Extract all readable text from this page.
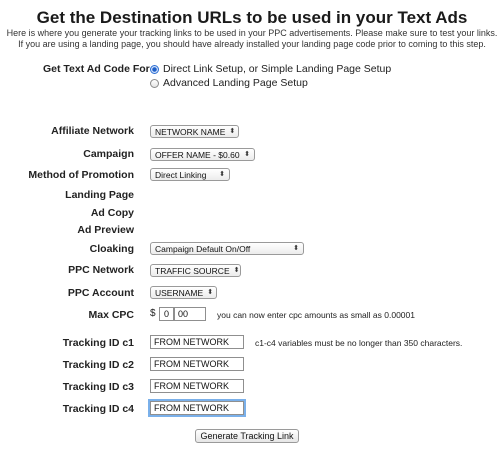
Get the Destination URLs to be used in your Text Ads
Here is where you generate your tracking links to be used in your PPC advertisements. Please make sure to test your links.
If you are using a landing page, you should have already installed your landing page code prior to coming to this step.
Get Text Ad Code For Direct Link Setup, or Simple Landing Page Setup
Advanced Landing Page Setup
Affiliate Network NETWORK NAME ⬍
Campaign OFFER NAME - $0.60 ⬍
Method of Promotion Direct Linking	⬍
Landing Page
Ad Copy
Ad Preview
Cloaking Campaign Default On/Off	⬍
PPC Network TRAFFIC SOURCE ⬍
PPC Account USERNAME ⬍
Max CPC $ 0	00	you can now enter cpc amounts as small as 0.00001
Tracking ID c1	FROM NETWORK	c1-c4 variables must be no longer than 350 characters.
Tracking ID c2	FROM NETWORK
Tracking ID c3	FROM NETWORK
Tracking ID c4	FROM NETWORK
Generate Tracking Link
